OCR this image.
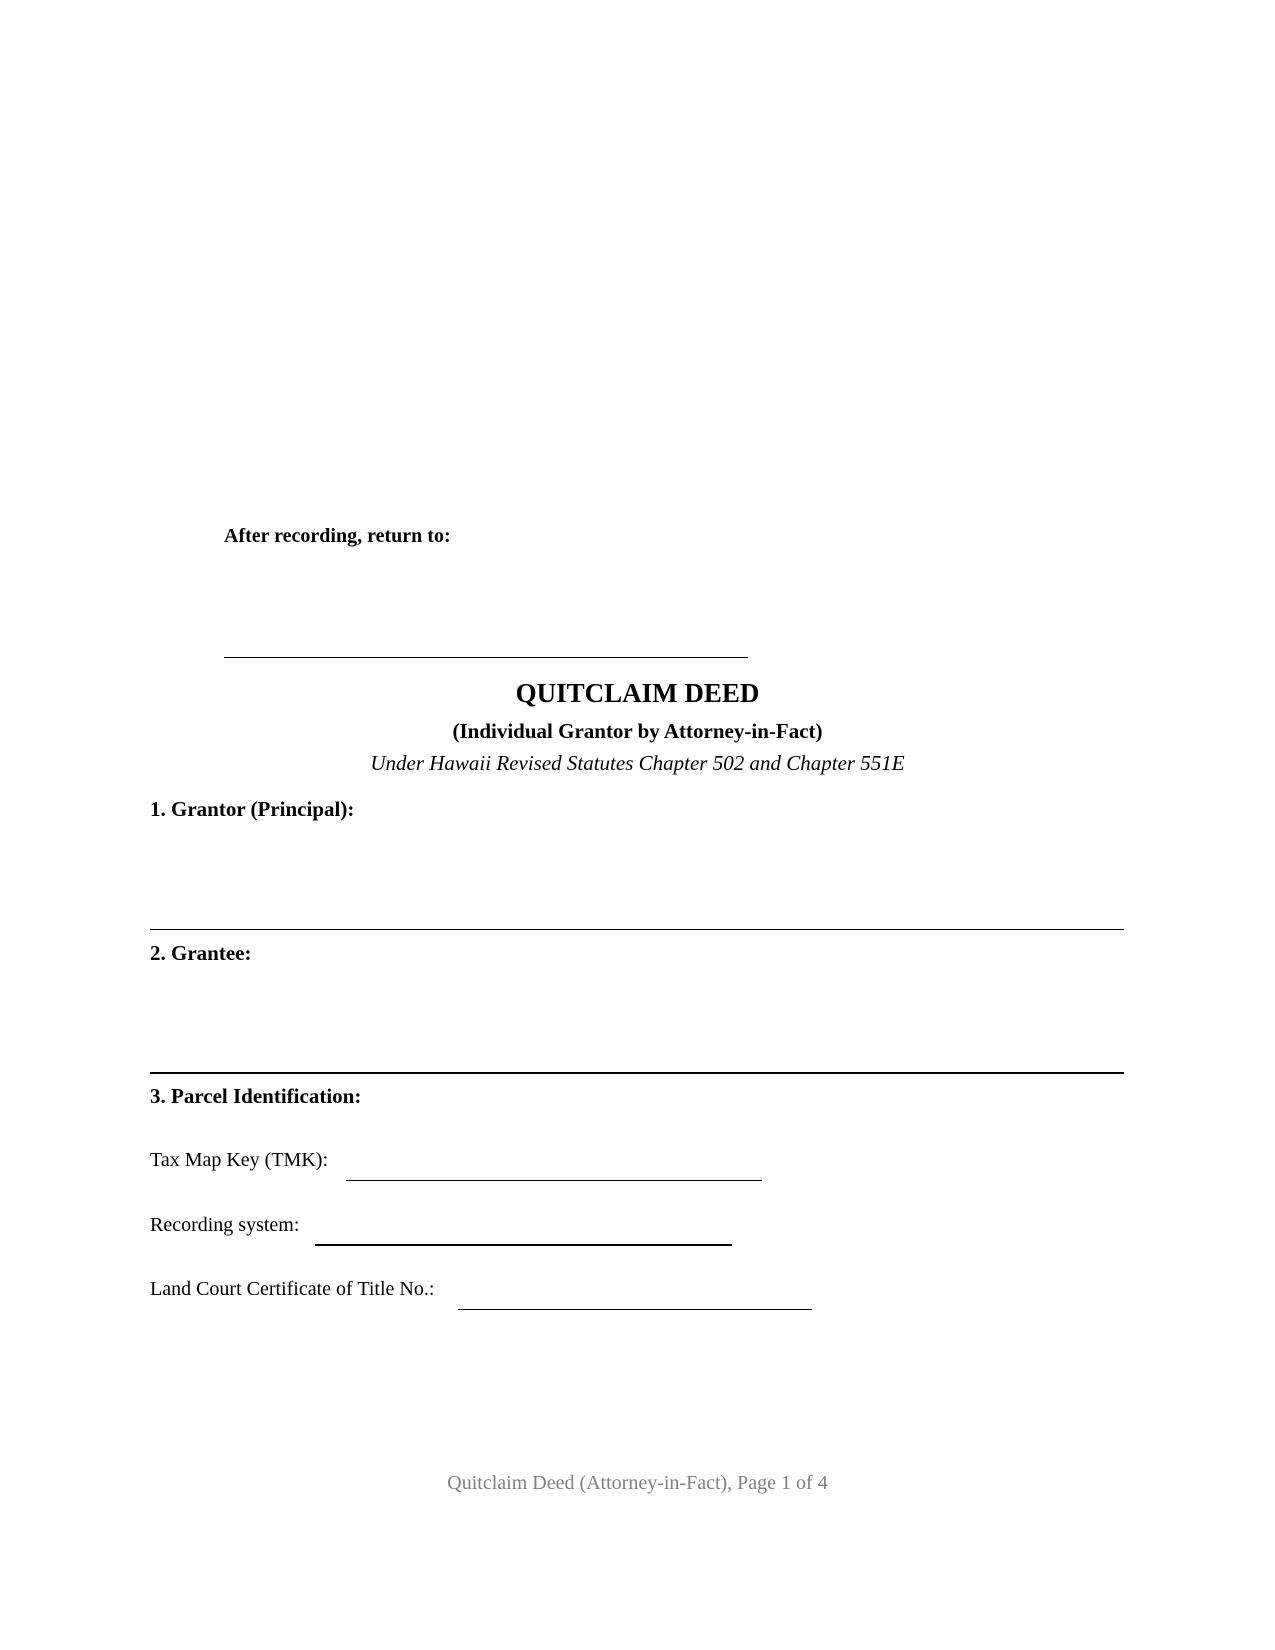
After recording, return to:
QUITCLAIM DEED
(Individual Grantor by Attorney-in-Fact)
Under Hawaii Revised Statutes Chapter 502 and Chapter 551E
1. Grantor (Principal):
2. Grantee:
3. Parcel Identification:
Tax Map Key (TMK):
Recording system:
Land Court Certificate of Title No.:
Quitclaim Deed (Attorney-in-Fact), Page 1 of 4
